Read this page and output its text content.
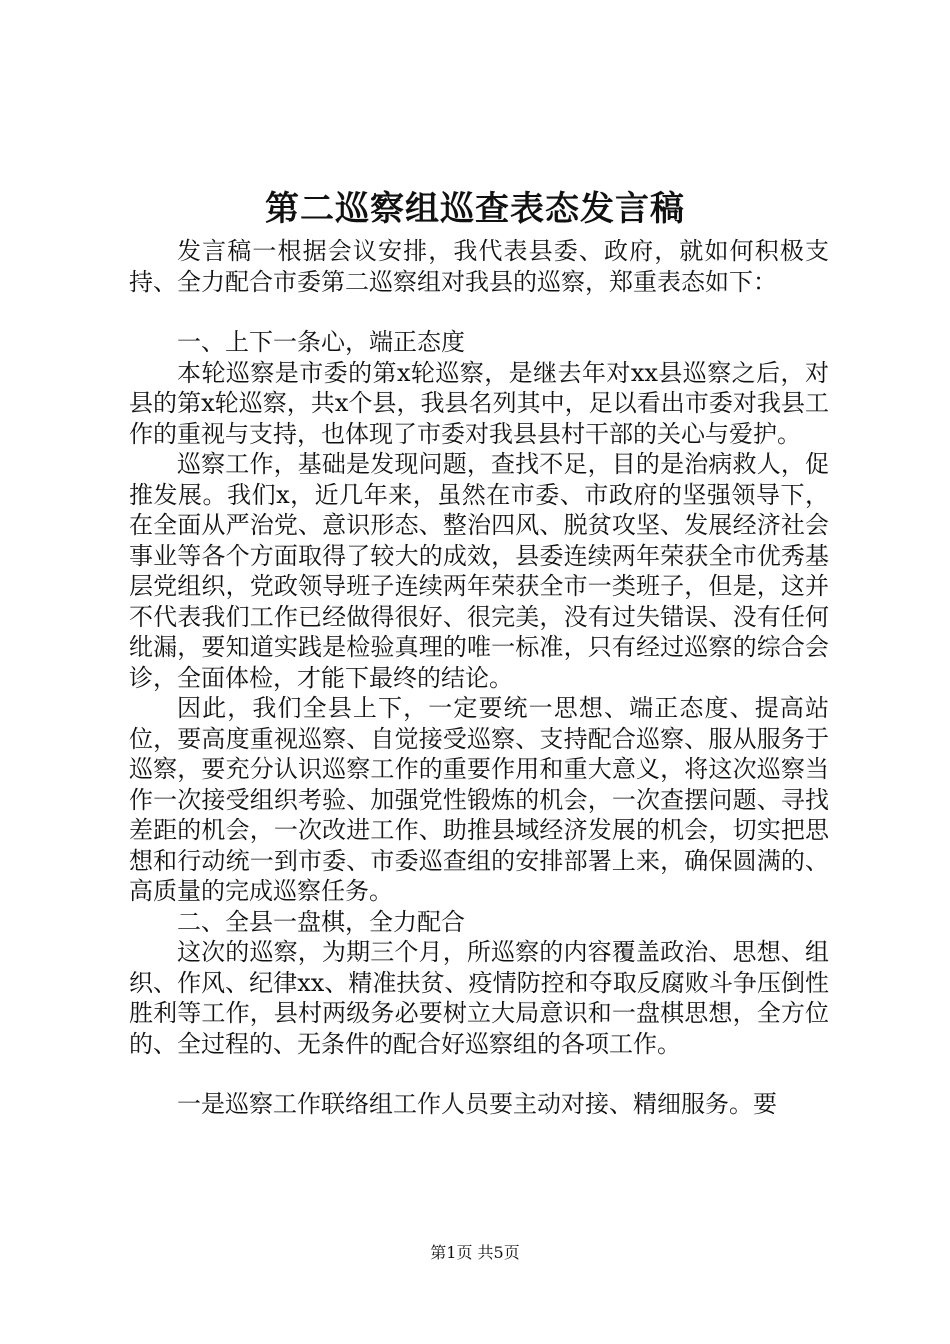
第二巡察组巡查表态发言稿

发言稿一根据会议安排，我代表县委、政府，就如何积极支持、全力配合市委第二巡察组对我县的巡察，郑重表态如下：

一、上下一条心，端正态度

本轮巡察是市委的第x轮巡察，是继去年对xx县巡察之后，对县的第x轮巡察，共x个县，我县名列其中，足以看出市委对我县工作的重视与支持，也体现了市委对我县县村干部的关心与爱护。

巡察工作，基础是发现问题，查找不足，目的是治病救人，促推发展。我们x，近几年来，虽然在市委、市政府的坚强领导下，在全面从严治党、意识形态、整治四风、脱贫攻坚、发展经济社会事业等各个方面取得了较大的成效，县委连续两年荣获全市优秀基层党组织，党政领导班子连续两年荣获全市一类班子，但是，这并不代表我们工作已经做得很好、很完美，没有过失错误、没有任何纰漏，要知道实践是检验真理的唯一标准，只有经过巡察的综合会诊，全面体检，才能下最终的结论。

因此，我们全县上下，一定要统一思想、端正态度、提高站位，要高度重视巡察、自觉接受巡察、支持配合巡察、服从服务于巡察，要充分认识巡察工作的重要作用和重大意义，将这次巡察当作一次接受组织考验、加强党性锻炼的机会，一次查摆问题、寻找差距的机会，一次改进工作、助推县域经济发展的机会，切实把思想和行动统一到市委、市委巡查组的安排部署上来，确保圆满的、高质量的完成巡察任务。

二、全县一盘棋，全力配合

这次的巡察，为期三个月，所巡察的内容覆盖政治、思想、组织、作风、纪律xx、精准扶贫、疫情防控和夺取反腐败斗争压倒性胜利等工作，县村两级务必要树立大局意识和一盘棋思想，全方位的、全过程的、无条件的配合好巡察组的各项工作。

一是巡察工作联络组工作人员要主动对接、精细服务。要

第1页 共5页
